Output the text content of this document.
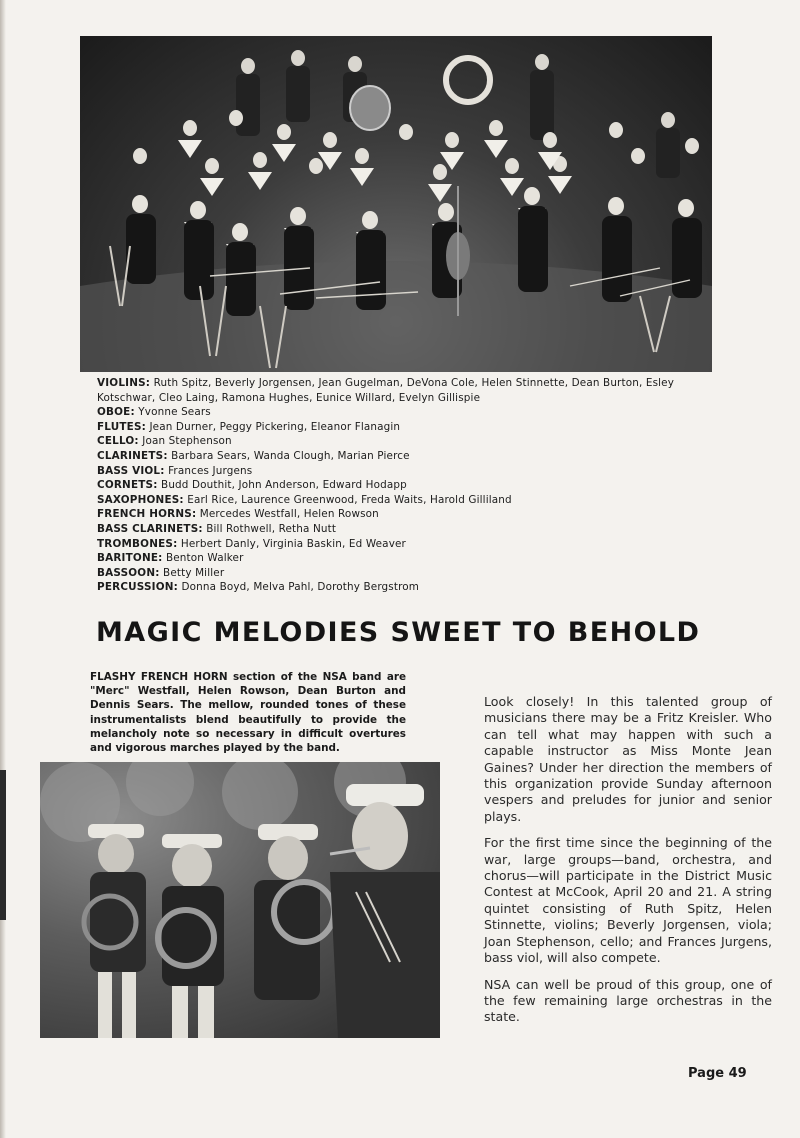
VIOLINS: Ruth Spitz, Beverly Jorgensen, Jean Gugelman, DeVona Cole, Helen Stinnette, Dean Burton, Esley Kotschwar, Cleo Laing, Ramona Hughes, Eunice Willard, Evelyn Gillispie

OBOE: Yvonne Sears

FLUTES: Jean Durner, Peggy Pickering, Eleanor Flanagin

CELLO: Joan Stephenson

CLARINETS: Barbara Sears, Wanda Clough, Marian Pierce

BASS VIOL: Frances Jurgens

CORNETS: Budd Douthit, John Anderson, Edward Hodapp

SAXOPHONES: Earl Rice, Laurence Greenwood, Freda Waits, Harold Gilliland

FRENCH HORNS: Mercedes Westfall, Helen Rowson

BASS CLARINETS: Bill Rothwell, Retha Nutt

TROMBONES: Herbert Danly, Virginia Baskin, Ed Weaver

BARITONE: Benton Walker

BASSOON: Betty Miller

PERCUSSION: Donna Boyd, Melva Pahl, Dorothy Bergstrom

MAGIC MELODIES SWEET TO BEHOLD
FLASHY FRENCH HORN section of the NSA band are "Merc" Westfall, Helen Rowson, Dean Burton and Dennis Sears. The mellow, rounded tones of these instrumentalists blend beautifully to provide the melancholy note so necessary in difficult overtures and vigorous marches played by the band.

Look closely! In this talented group of musicians there may be a Fritz Kreisler. Who can tell what may happen with such a capable instructor as Miss Monte Jean Gaines? Under her direction the members of this organization provide Sunday afternoon vespers and preludes for junior and senior plays.

For the first time since the beginning of the war, large groups—band, orchestra, and chorus—will participate in the District Music Contest at McCook, April 20 and 21. A string quintet consisting of Ruth Spitz, Helen Stinnette, violins; Beverly Jorgensen, viola; Joan Stephenson, cello; and Frances Jurgens, bass viol, will also compete.

NSA can well be proud of this group, one of the few remaining large orchestras in the state.

Page 49
